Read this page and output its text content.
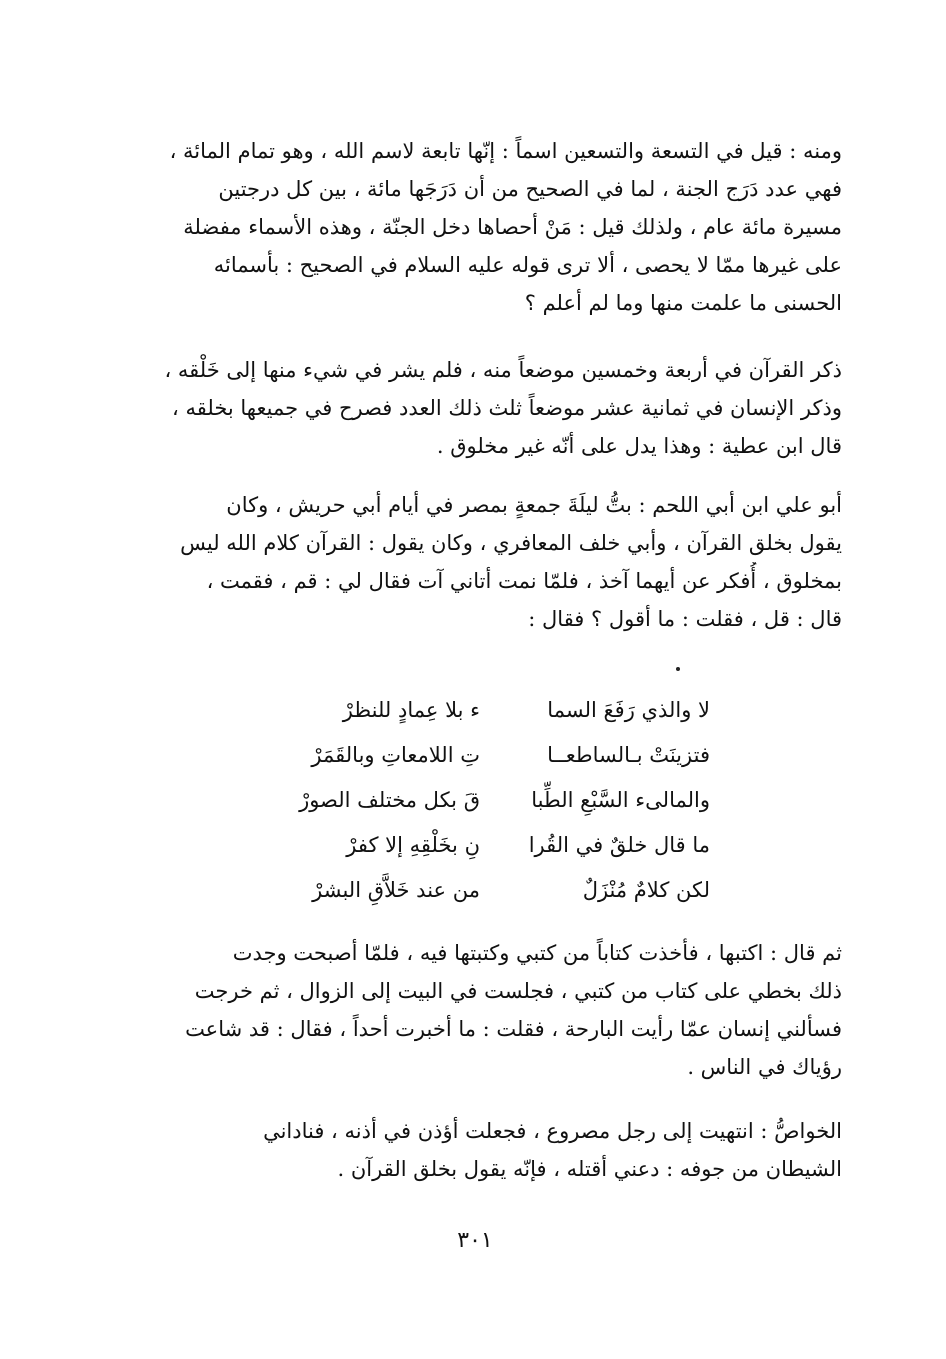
ومنه : قيل في التسعة والتسعين اسماً : إنّها تابعة لاسم الله ، وهو تمام المائة ،
فهي عدد دَرَج الجنة ، لما في الصحيح من أن دَرَجَها مائة ، بين كل درجتين
مسيرة مائة عام ، ولذلك قيل : مَنْ أحصاها دخل الجنّة ، وهذه الأسماء مفضلة
على غيرها ممّا لا يحصى ، ألا ترى قوله عليه السلام في الصحيح : بأسمائه
الحسنى ما علمت منها وما لم أعلم ؟
ذكر القرآن في أربعة وخمسين موضعاً منه ، فلم يشر في شيء منها إلى خَلْقه ،
وذكر الإنسان في ثمانية عشر موضعاً ثلث ذلك العدد فصرح في جميعها بخلقه ،
قال ابن عطية : وهذا يدل على أنّه غير مخلوق .
أبو علي ابن أبي اللحم : بتُّ ليلَةَ جمعةٍ بمصر في أيام أبي حريش ، وكان
يقول بخلق القرآن ، وأبي خلف المعافري ، وكان يقول : القرآن كلام الله ليس
بمخلوق ، أُفكر عن أيهما آخذ ، فلمّا نمت أتاني آت فقال لي : قم ، فقمت ،
قال : قل ، فقلت : ما أقول ؟ فقال :
لا والذي رَفَعَ السما
ء بلا عِمادٍ للنظرْ
فتزينَتْ بـالساطعــا
تِ اللامعاتِ وبالقَمَرْ
والمالىء السَّبْعِ الطِّبا
قَ بكل مختلف الصورْ
ما قال خلقٌ في القُرا
نِ بخَلْقِهِ إلا كفرْ
لكن كلامٌ مُنْزَلٌ
من عند خَلاَّقِ البشرْ
ثم قال : اكتبها ، فأخذت كتاباً من كتبي وكتبتها فيه ، فلمّا أصبحت وجدت
ذلك بخطي على كتاب من كتبي ، فجلست في البيت إلى الزوال ، ثم خرجت
فسألني إنسان عمّا رأيت البارحة ، فقلت : ما أخبرت أحداً ، فقال : قد شاعت
رؤياك في الناس .
الخواصُّ : انتهيت إلى رجل مصروع ، فجعلت أؤذن في أذنه ، فناداني
الشيطان من جوفه : دعني أقتله ، فإنّه يقول بخلق القرآن .
٣٠١
